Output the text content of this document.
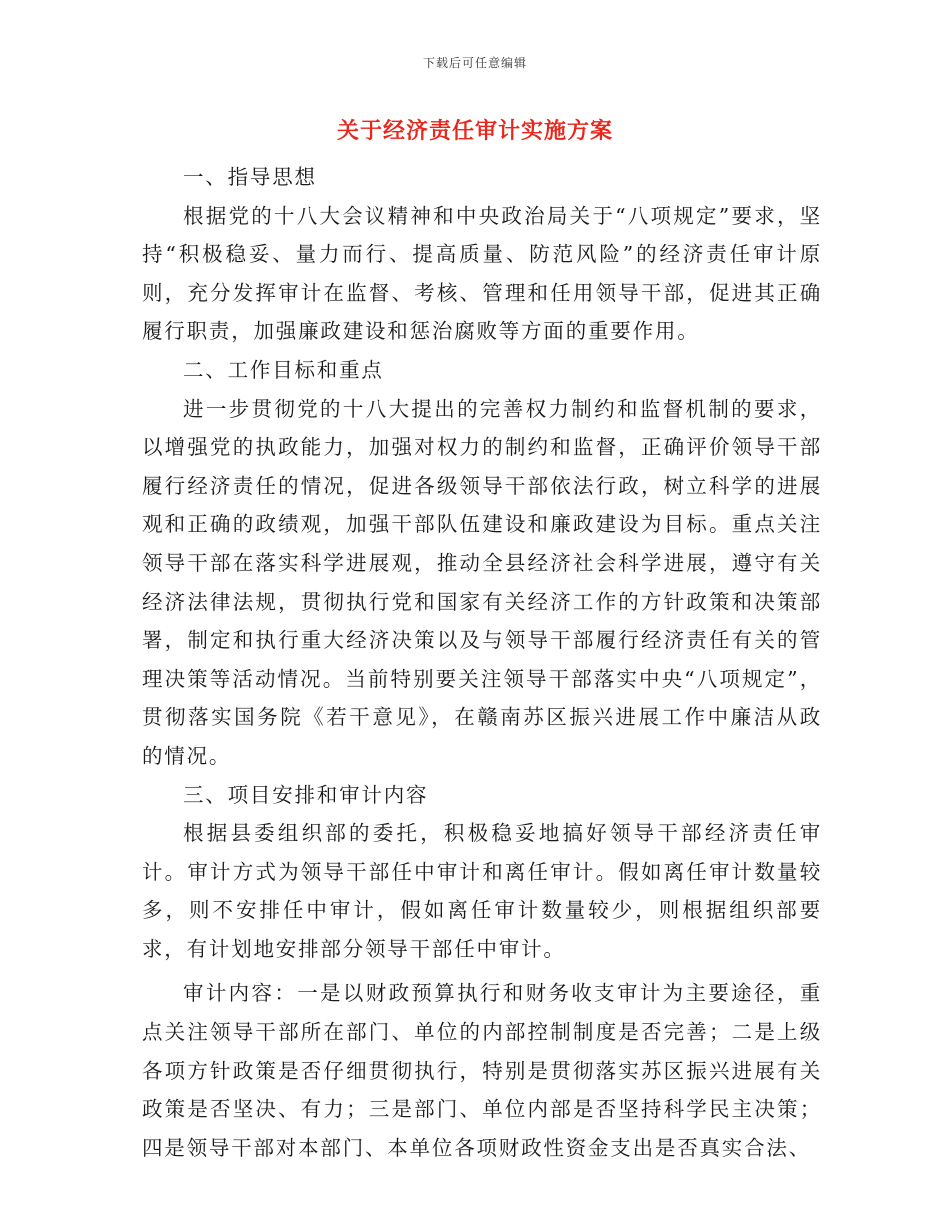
下载后可任意编辑
关于经济责任审计实施方案

一、指导思想

根据党的十八大会议精神和中央政治局关于“八项规定”要求，坚持“积极稳妥、量力而行、提高质量、防范风险”的经济责任审计原则，充分发挥审计在监督、考核、管理和任用领导干部，促进其正确履行职责，加强廉政建设和惩治腐败等方面的重要作用。

二、工作目标和重点

进一步贯彻党的十八大提出的完善权力制约和监督机制的要求，以增强党的执政能力，加强对权力的制约和监督，正确评价领导干部履行经济责任的情况，促进各级领导干部依法行政，树立科学的进展观和正确的政绩观，加强干部队伍建设和廉政建设为目标。重点关注领导干部在落实科学进展观，推动全县经济社会科学进展，遵守有关经济法律法规，贯彻执行党和国家有关经济工作的方针政策和决策部署，制定和执行重大经济决策以及与领导干部履行经济责任有关的管理决策等活动情况。当前特别要关注领导干部落实中央“八项规定”，贯彻落实国务院《若干意见》，在赣南苏区振兴进展工作中廉洁从政的情况。

三、项目安排和审计内容

根据县委组织部的委托，积极稳妥地搞好领导干部经济责任审计。审计方式为领导干部任中审计和离任审计。假如离任审计数量较多，则不安排任中审计，假如离任审计数量较少，则根据组织部要求，有计划地安排部分领导干部任中审计。

审计内容：一是以财政预算执行和财务收支审计为主要途径，重点关注领导干部所在部门、单位的内部控制制度是否完善；二是上级各项方针政策是否仔细贯彻执行，特别是贯彻落实苏区振兴进展有关政策是否坚决、有力；三是部门、单位内部是否坚持科学民主决策；四是领导干部对本部门、本单位各项财政性资金支出是否真实合法、
